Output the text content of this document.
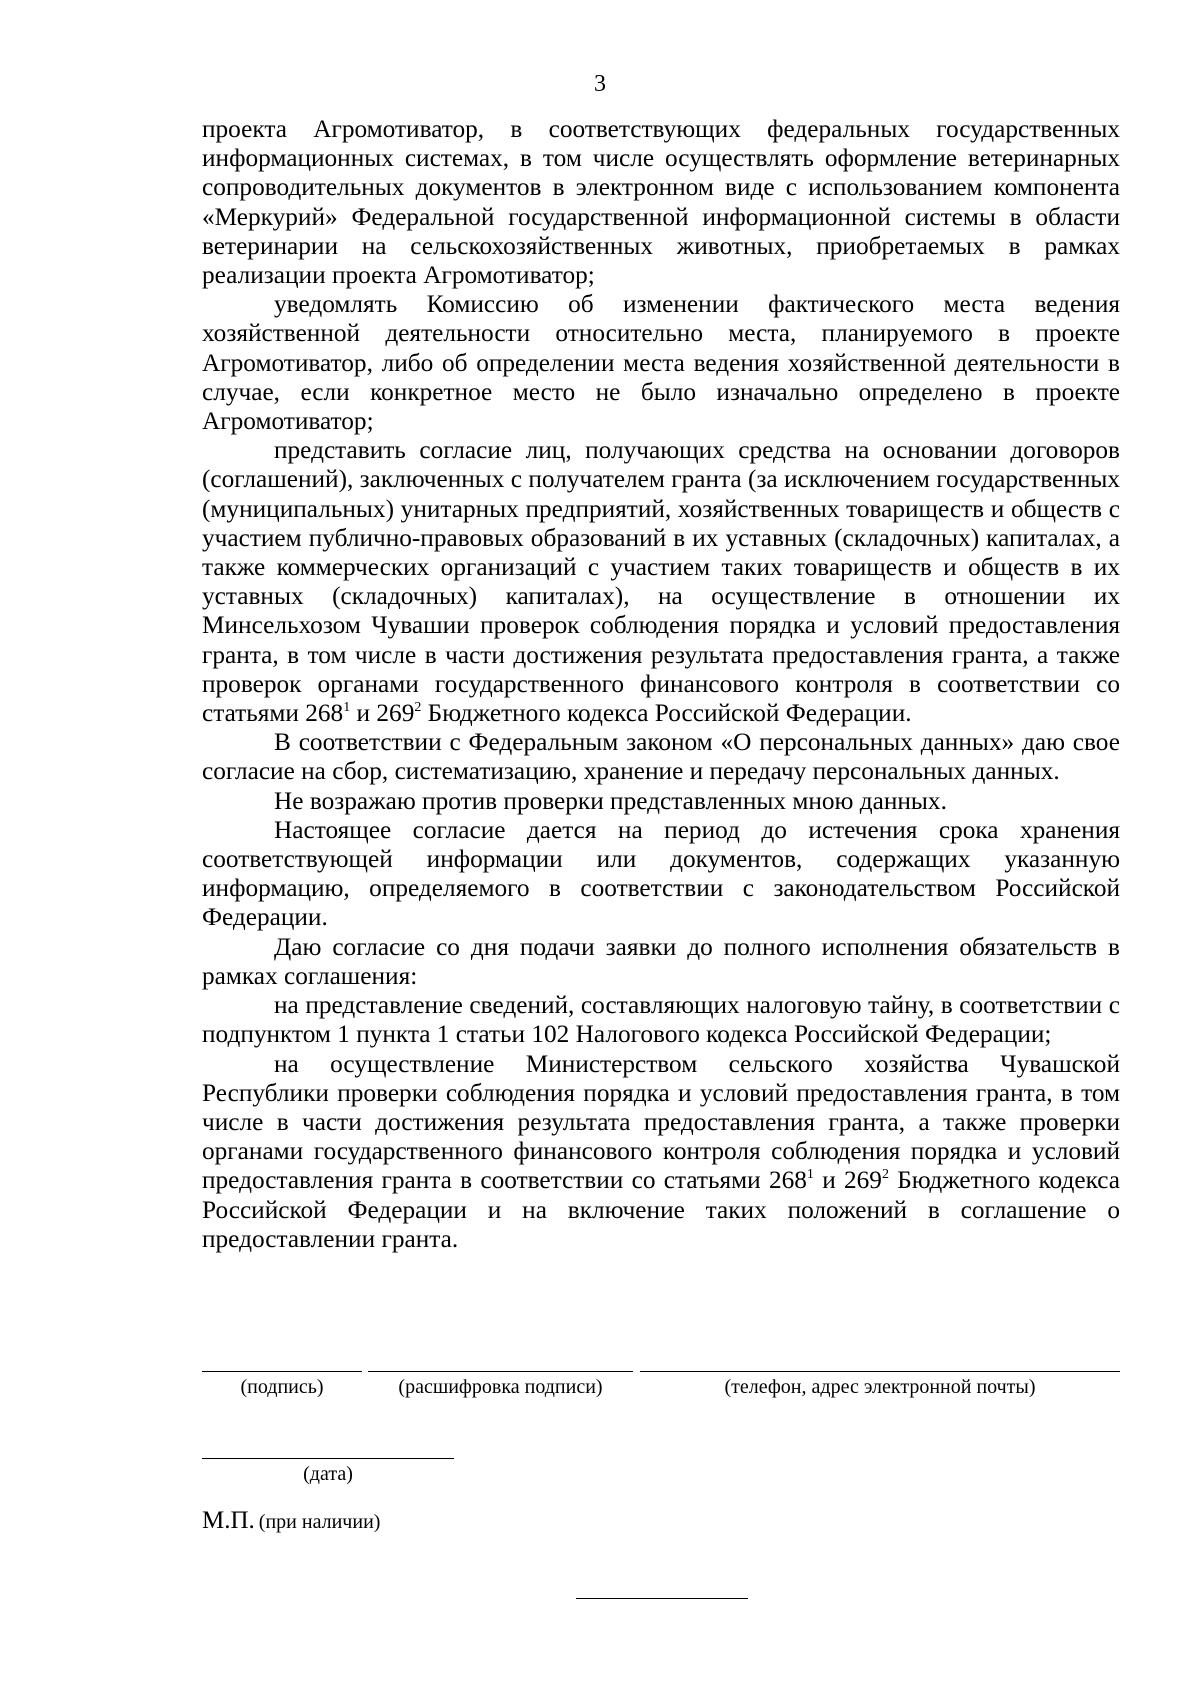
3

проекта Агромотиватор, в соответствующих федеральных государственных информационных системах, в том числе осуществлять оформление ветеринарных сопроводительных документов в электронном виде с использованием компонента «Меркурий» Федеральной государственной информационной системы в области ветеринарии на сельскохозяйственных животных, приобретаемых в рамках реализации проекта Агромотиватор;

уведомлять Комиссию об изменении фактического места ведения хозяйственной деятельности относительно места, планируемого в проекте Агромотиватор, либо об определении места ведения хозяйственной деятельности в случае, если конкретное место не было изначально определено в проекте Агромотиватор;

представить согласие лиц, получающих средства на основании договоров (соглашений), заключенных с получателем гранта (за исключением государственных (муниципальных) унитарных предприятий, хозяйственных товариществ и обществ с участием публично-правовых образований в их уставных (складочных) капиталах, а также коммерческих организаций с участием таких товариществ и обществ в их уставных (складочных) капиталах), на осуществление в отношении их Минсельхозом Чувашии проверок соблюдения порядка и условий предоставления гранта, в том числе в части достижения результата предоставления гранта, а также проверок органами государственного финансового контроля в соответствии со статьями $268^1$ и $269^2$ Бюджетного кодекса Российской Федерации.

В соответствии с Федеральным законом «О персональных данных» даю свое согласие на сбор, систематизацию, хранение и передачу персональных данных.

Не возражаю против проверки представленных мною данных.

Настоящее согласие дается на период до истечения срока хранения соответствующей информации или документов, содержащих указанную информацию, определяемого в соответствии с законодательством Российской Федерации.

Даю согласие со дня подачи заявки до полного исполнения обязательств в рамках соглашения:

на представление сведений, составляющих налоговую тайну, в соответствии с подпунктом 1 пункта 1 статьи 102 Налогового кодекса Российской Федерации;

на осуществление Министерством сельского хозяйства Чувашской Республики проверки соблюдения порядка и условий предоставления гранта, в том числе в части достижения результата предоставления гранта, а также проверки органами государственного финансового контроля соблюдения порядка и условий предоставления гранта в соответствии со статьями $268^1$ и $269^2$ Бюджетного кодекса Российской Федерации и на включение таких положений в соглашение о предоставлении гранта.

(подпись)	(расшифровка подписи)	(телефон, адрес электронной почты)
(дата)
М.П. (при наличии)
